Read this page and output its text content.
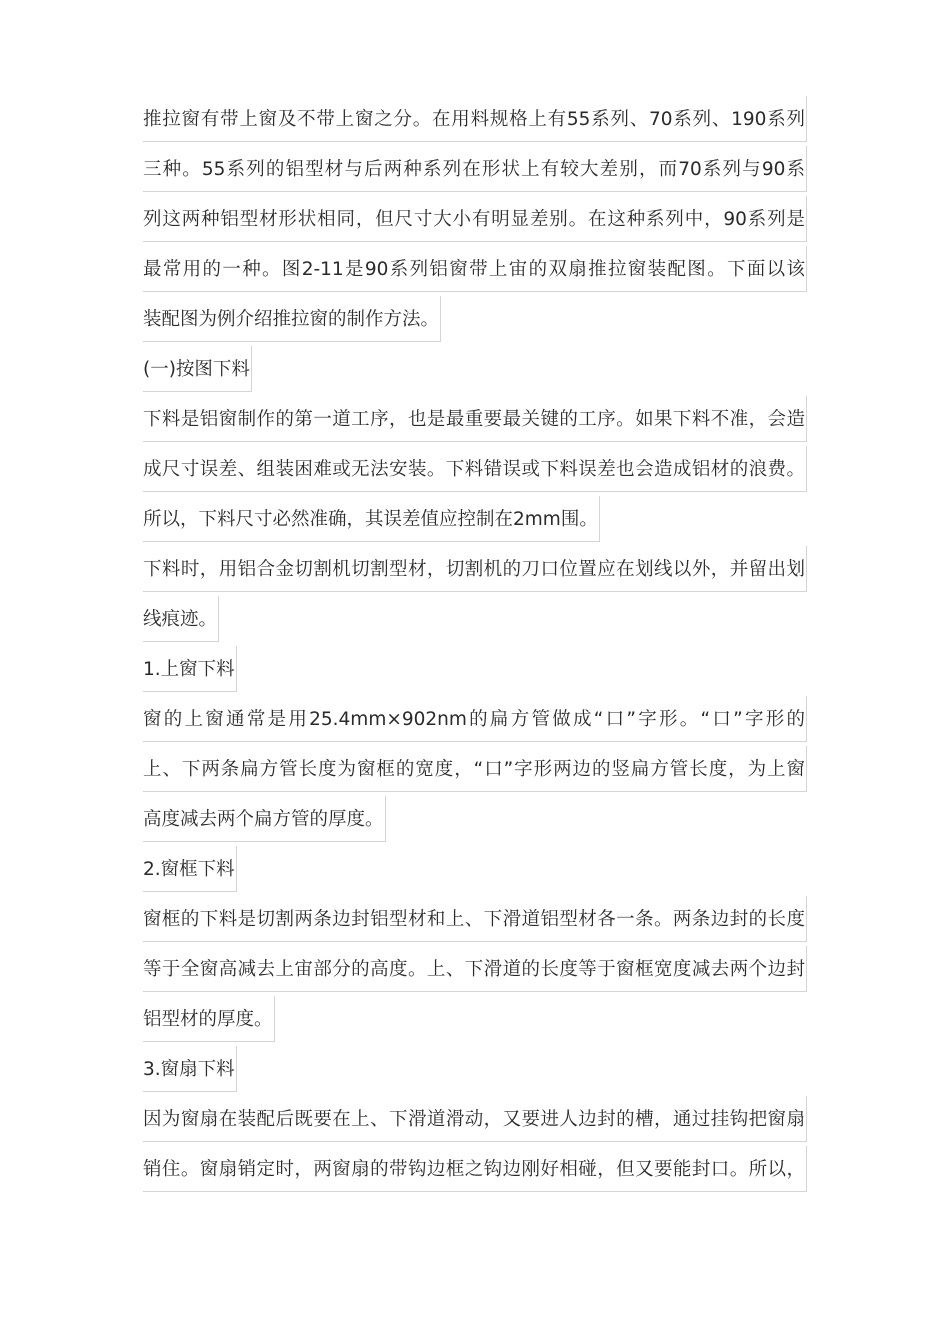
推拉窗有带上窗及不带上窗之分。在用料规格上有55系列、70系列、190系列
三种。55系列的铝型材与后两种系列在形状上有较大差别，而70系列与90系
列这两种铝型材形状相同，但尺寸大小有明显差别。在这种系列中，90系列是
最常用的一种。图2-11是90系列铝窗带上宙的双扇推拉窗装配图。下面以该
装配图为例介绍推拉窗的制作方法。
(一)按图下料
下料是铝窗制作的第一道工序，也是最重要最关键的工序。如果下料不准，会造
成尺寸误差、组装困难或无法安装。下料错误或下料误差也会造成铝材的浪费。
所以，下料尺寸必然准确，其误差值应控制在2mm围。
下料时，用铝合金切割机切割型材，切割机的刀口位置应在划线以外，并留出划
线痕迹。
1.上窗下料
窗的上窗通常是用25.4mm×902nm的扁方管做成“口”字形。“口”字形的
上、下两条扁方管长度为窗框的宽度，“口”字形两边的竖扁方管长度，为上窗
高度减去两个扁方管的厚度。
2.窗框下料
窗框的下料是切割两条边封铝型材和上、下滑道铝型材各一条。两条边封的长度
等于全窗高减去上宙部分的高度。上、下滑道的长度等于窗框宽度减去两个边封
铝型材的厚度。
3.窗扇下料
因为窗扇在装配后既要在上、下滑道滑动，又要进人边封的槽，通过挂钩把窗扇
销住。窗扇销定时，两窗扇的带钩边框之钩边刚好相碰，但又要能封口。所以，
